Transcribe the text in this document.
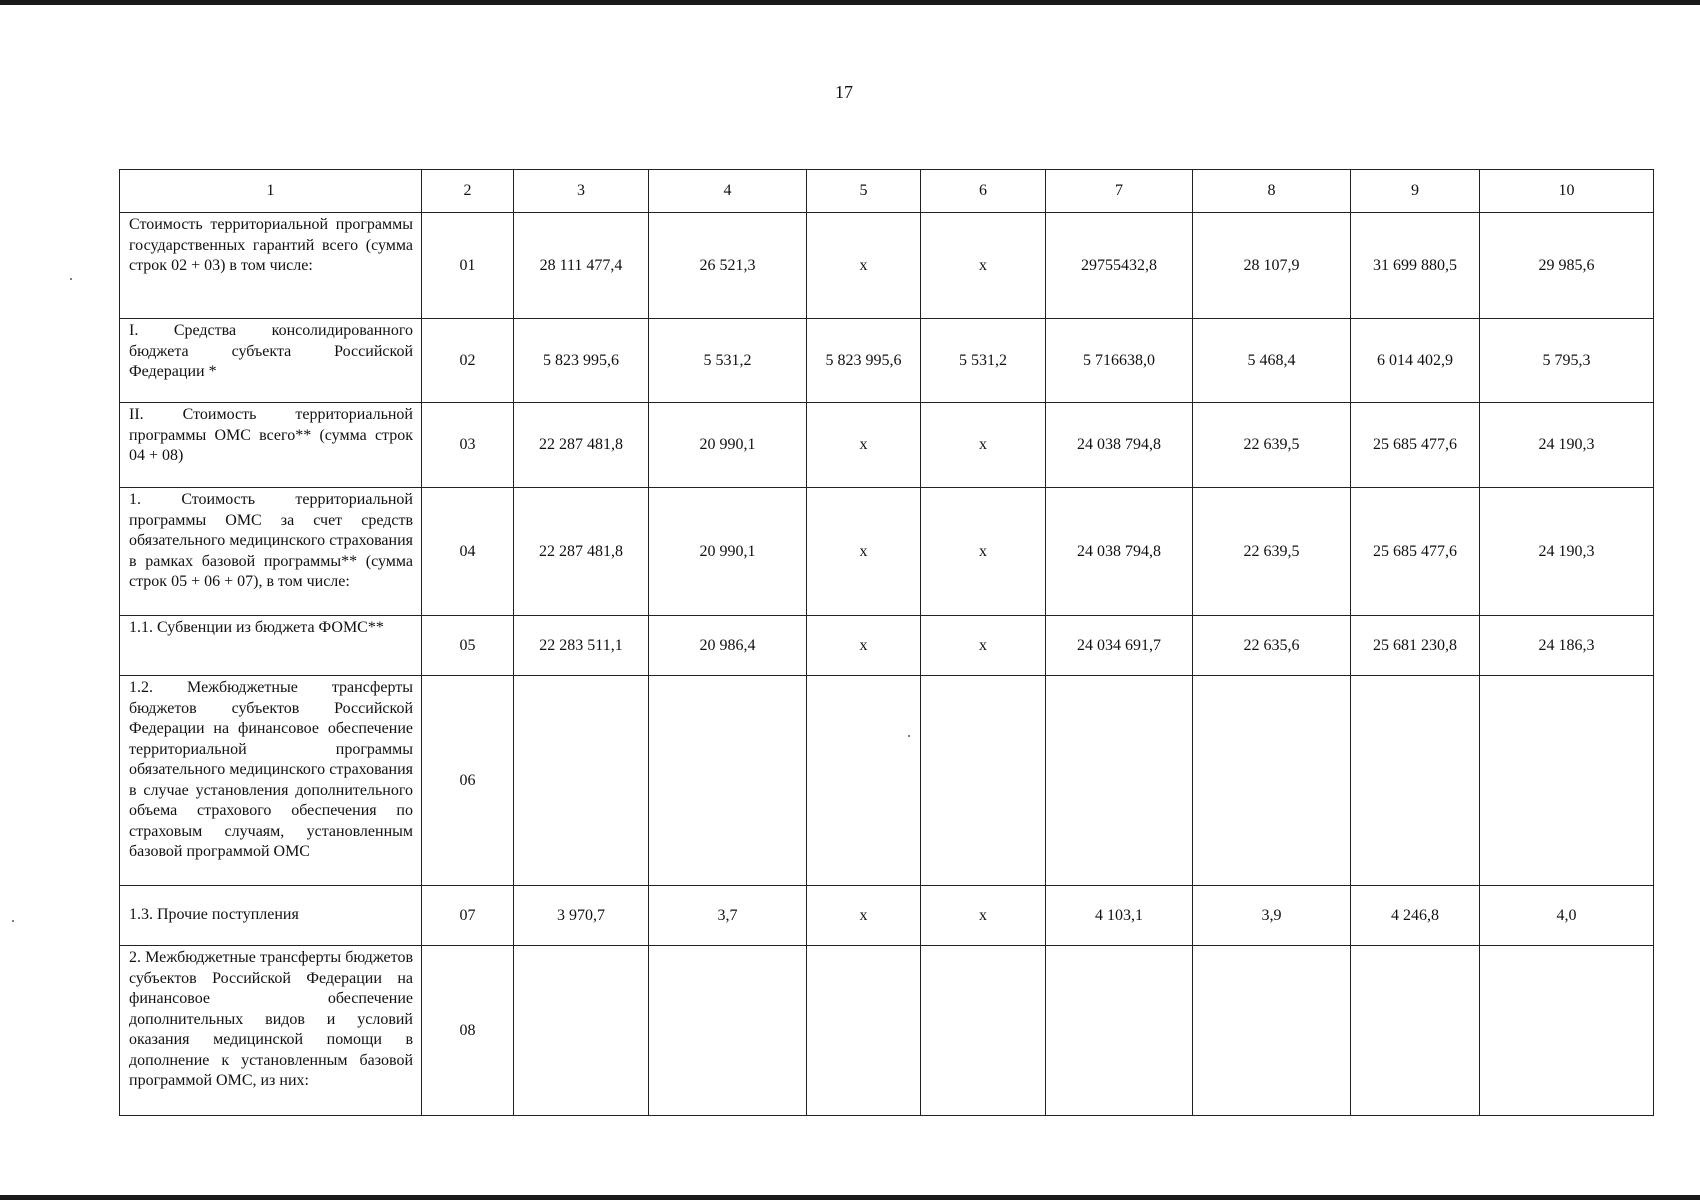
17
1	2	3	4	5	6	7	8	9	10
Стоимость территориальной программы государственных гарантий всего (сумма строк 02 + 03) в том числе:	01	28 111 477,4	26 521,3	x	x	29755432,8	28 107,9	31 699 880,5	29 985,6
I. Средства консолидированного бюджета субъекта Российской Федерации *	02	5 823 995,6	5 531,2	5 823 995,6	5 531,2	5 716638,0	5 468,4	6 014 402,9	5 795,3
II. Стоимость территориальной программы ОМС всего** (сумма строк 04 + 08)	03	22 287 481,8	20 990,1	x	x	24 038 794,8	22 639,5	25 685 477,6	24 190,3
1. Стоимость территориальной программы ОМС за счет средств обязательного медицинского страхования в рамках базовой программы** (сумма строк 05 + 06 + 07), в том числе:	04	22 287 481,8	20 990,1	x	x	24 038 794,8	22 639,5	25 685 477,6	24 190,3
1.1. Субвенции из бюджета ФОМС**	05	22 283 511,1	20 986,4	x	x	24 034 691,7	22 635,6	25 681 230,8	24 186,3
1.2. Межбюджетные трансферты бюджетов субъектов Российской Федерации на финансовое обеспечение территориальной программы обязательного медицинского страхования в случае установления дополнительного объема страхового обеспечения по страховым случаям, установленным базовой программой ОМС	06								
1.3. Прочие поступления	07	3 970,7	3,7	x	x	4 103,1	3,9	4 246,8	4,0
2. Межбюджетные трансферты бюджетов субъектов Российской Федерации на финансовое обеспечение дополнительных видов и условий оказания медицинской помощи в дополнение к установленным базовой программой ОМС, из них:	08								
